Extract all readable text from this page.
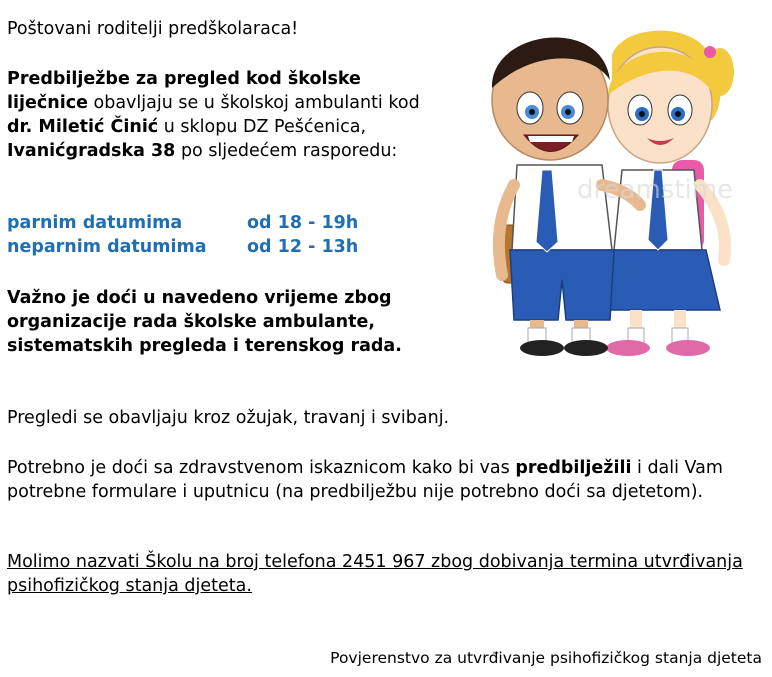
Poštovani roditelji predškolaraca!

Predbilježbe za pregled kod školske liječnice obavljaju se u školskoj ambulanti kod dr. Miletić Činić u sklopu DZ Pešćenica, Ivanićgradska 38 po sljedećem rasporedu:

parnim datumima	od 18 - 19h
neparnim datumima	od 12 - 13h

Važno je doći u navedeno vrijeme zbog organizacije rada školske ambulante, sistematskih pregleda i terenskog rada.

Pregledi se obavljaju kroz ožujak, travanj i svibanj.

Potrebno je doći sa zdravstvenom iskaznicom kako bi vas predbilježili i dali Vam potrebne formulare i uputnicu (na predbilježbu nije potrebno doći sa djetetom).

Molimo nazvati Školu na broj telefona 2451 967 zbog dobivanja termina utvrđivanja psihofizičkog stanja djeteta.

Povjerenstvo za utvrđivanje psihofizičkog stanja djeteta
dreamstime
